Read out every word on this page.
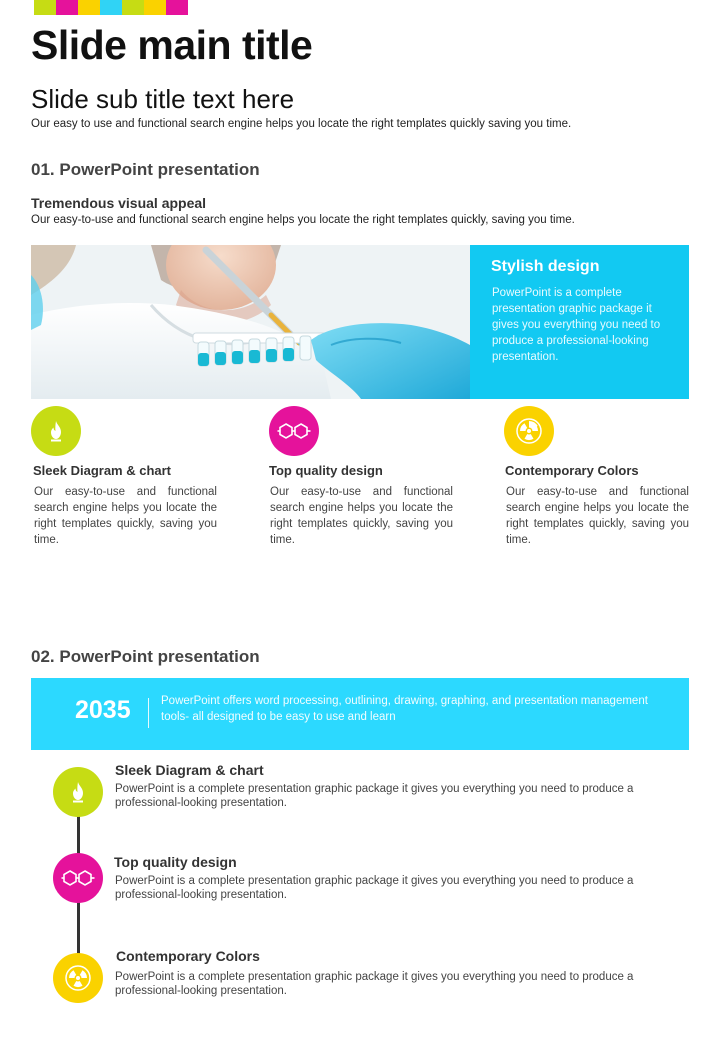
Slide main title
Slide sub title text here
Our easy to use and functional search engine helps you locate the right templates quickly saving you time.
01. PowerPoint presentation
Tremendous visual appeal
Our easy-to-use and functional search engine helps you locate the right templates quickly, saving you time.
Stylish design
PowerPoint is a complete presentation graphic package it gives you everything you need to produce a professional-looking presentation.
Sleek Diagram & chart	Top quality design	Contemporary Colors
Our easy-to-use and functional search engine helps you locate the right templates quickly, saving you time.
Our easy-to-use and functional search engine helps you locate the right templates quickly, saving you time.
Our easy-to-use and functional search engine helps you locate the right templates quickly, saving you time.
02. PowerPoint presentation
2035	PowerPoint offers word processing, outlining, drawing, graphing, and presentation management tools- all designed to be easy to use and learn
Sleek Diagram & chart
PowerPoint is a complete presentation graphic package it gives you everything you need to produce a professional-looking presentation.
Top quality design
PowerPoint is a complete presentation graphic package it gives you everything you need to produce a professional-looking presentation.
Contemporary Colors
PowerPoint is a complete presentation graphic package it gives you everything you need to produce a professional-looking presentation.
